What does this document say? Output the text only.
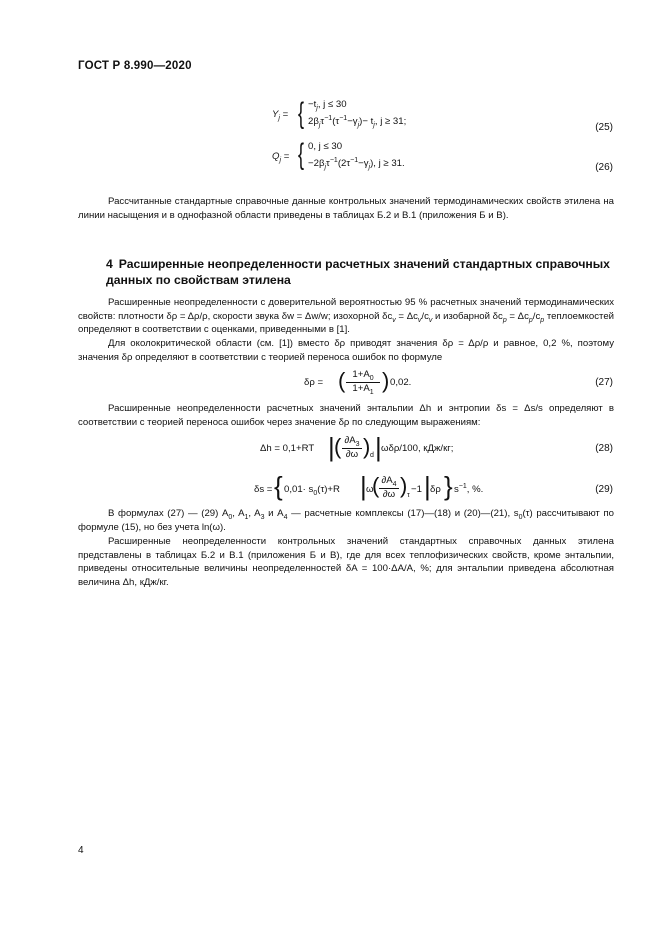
ГОСТ Р 8.990—2020
$Y_j$ = { $-t_j$, j ≤ 30
$2\beta_j\tau^{-1}(\tau^{-1}-\gamma_j)- t_j$, j ≥ 31;
(25)
$Q_j$ = { 0, j ≤ 30
$-2\beta_j\tau^{-1}(2\tau^{-1}-\gamma_j)$, j ≥ 31.	(26)
Рассчитанные стандартные справочные данные контрольных значений термодинамических свойств этилена на линии насыщения и в однофазной области приведены в таблицах Б.2 и В.1 (приложения Б и В).
4 Расширенные неопределенности расчетных значений стандартных справочных данных по свойствам этилена
Расширенные неопределенности с доверительной вероятностью 95 % расчетных значений термодинамических свойств: плотности δρ = Δρ/ρ, скорости звука δw = Δw/w; изохорной $\delta c_v = \Delta c_v/c_v$ и изобарной $\delta c_p = \Delta c_p/c_p$ теплоемкостей определяют в соответствии с оценками, приведенными в [1].
Для околокритической области (см. [1]) вместо δρ приводят значения δρ = Δρ/ρ и равное, 0,2 %, поэтому значения δρ определяют в соответствии с теорией переноса ошибок по формуле
δρ = ( $1+A_0$
$1+A_1$ ) 0,02.	(27)
Расширенные неопределенности расчетных значений энтальпии Δh и энтропии δs = Δs/s определяют в соответствии с теорией переноса ошибок через значение δρ по следующим выражениям:
Δh = 0,1+RT | ( $\partial A_3$
∂ω ) d | ωδρ/100, кДж/кг;	(28)
δs = { $0,01\cdot s_0(\tau)+R$ | ω
( $\partial A_4$
∂ω ) τ
−1 | δρ } $s^{-1}$, %.	(29)
В формулах (27) — (29) $A_0$, $A_1$, $A_3$ и $A_4$ — расчетные комплексы (17)—(18) и (20)—(21), $s_0(\tau)$ рассчитывают по формуле (15), но без учета ln(ω).
Расширенные неопределенности контрольных значений стандартных справочных данных этилена представлены в таблицах Б.2 и В.1 (приложения Б и В), где для всех теплофизических свойств, кроме энтальпии, приведены относительные величины неопределенностей δA = 100·ΔA/A, %; для энтальпии приведена абсолютная величина Δh, кДж/кг.
4
